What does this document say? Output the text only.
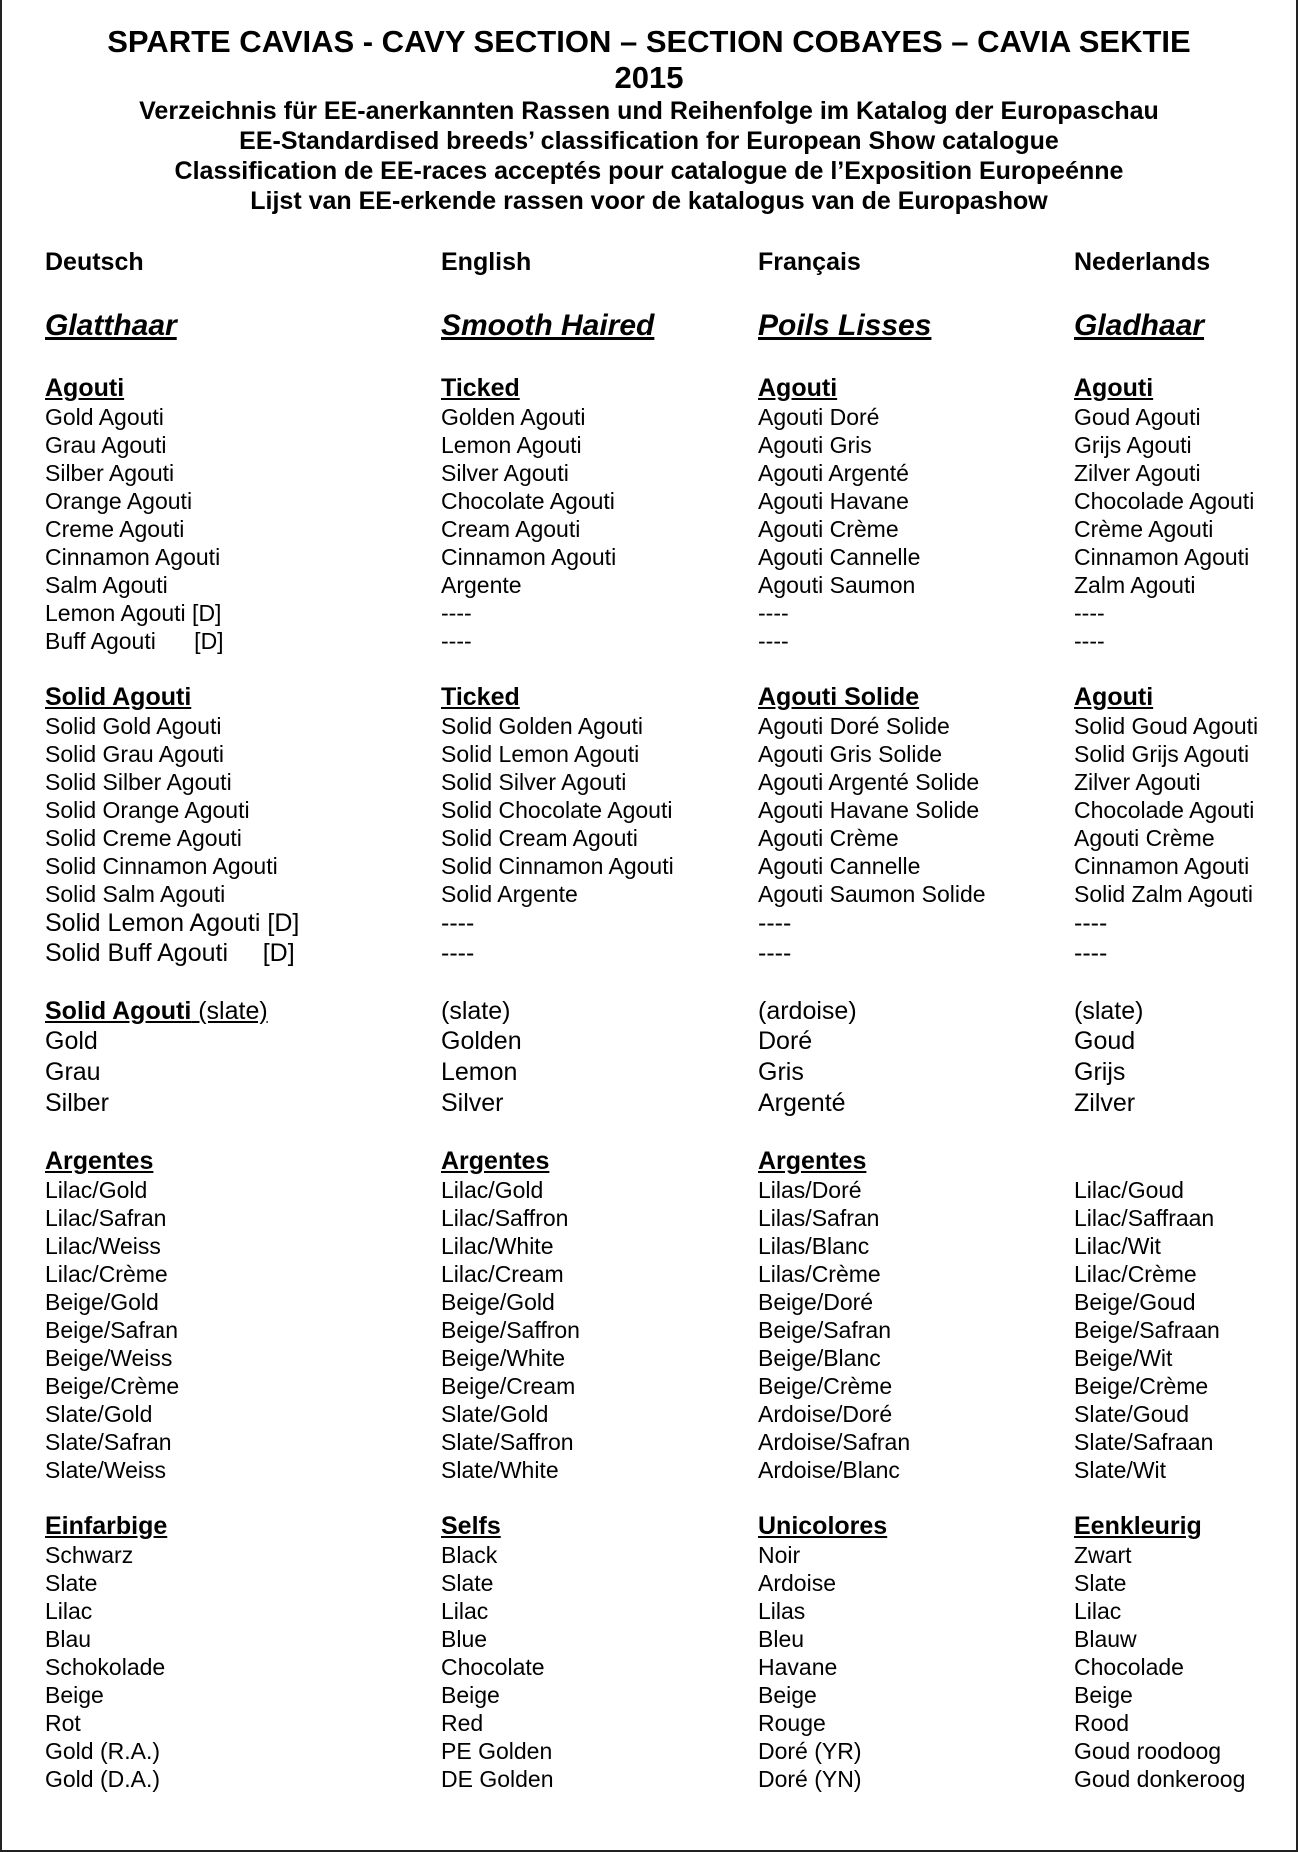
SPARTE CAVIAS - CAVY SECTION – SECTION COBAYES – CAVIA SEKTIE
2015
Verzeichnis für EE-anerkannten Rassen und Reihenfolge im Katalog der Europaschau
EE-Standardised breeds’ classification for European Show catalogue
Classification de EE-races acceptés pour catalogue de l’Exposition Europeénne
Lijst van EE-erkende rassen voor de katalogus van de Europashow
Deutsch
Glatthaar
Agouti
Gold Agouti
Grau Agouti
Silber Agouti
Orange Agouti
Creme Agouti
Cinnamon Agouti
Salm Agouti
Lemon Agouti [D]
Buff Agouti      [D]
Solid Agouti
Solid Gold Agouti
Solid Grau Agouti
Solid Silber Agouti
Solid Orange Agouti
Solid Creme Agouti
Solid Cinnamon Agouti
Solid Salm Agouti
Solid Lemon Agouti [D]
Solid Buff Agouti     [D]
Solid Agouti (slate)
Gold
Grau
Silber
Argentes
Lilac/Gold
Lilac/Safran
Lilac/Weiss
Lilac/Crème
Beige/Gold
Beige/Safran
Beige/Weiss
Beige/Crème
Slate/Gold
Slate/Safran
Slate/Weiss
Einfarbige
Schwarz
Slate
Lilac
Blau
Schokolade
Beige
Rot
Gold (R.A.)
Gold (D.A.)
English
Smooth Haired
Ticked
Golden Agouti
Lemon Agouti
Silver Agouti
Chocolate Agouti
Cream Agouti
Cinnamon Agouti
Argente
----
----
Ticked
Solid Golden Agouti
Solid Lemon Agouti
Solid Silver Agouti
Solid Chocolate Agouti
Solid Cream Agouti
Solid Cinnamon Agouti
Solid Argente
----
----
(slate)
Golden
Lemon
Silver
Argentes
Lilac/Gold
Lilac/Saffron
Lilac/White
Lilac/Cream
Beige/Gold
Beige/Saffron
Beige/White
Beige/Cream
Slate/Gold
Slate/Saffron
Slate/White
Selfs
Black
Slate
Lilac
Blue
Chocolate
Beige
Red
PE Golden
DE Golden
Français
Poils Lisses
Agouti
Agouti Doré
Agouti Gris
Agouti Argenté
Agouti Havane
Agouti Crème
Agouti Cannelle
Agouti Saumon
----
----
Agouti Solide
Agouti Doré Solide
Agouti Gris Solide
Agouti Argenté Solide
Agouti Havane Solide
Agouti Crème
Agouti Cannelle
Agouti Saumon Solide
----
----
(ardoise)
Doré
Gris
Argenté
Argentes
Lilas/Doré
Lilas/Safran
Lilas/Blanc
Lilas/Crème
Beige/Doré
Beige/Safran
Beige/Blanc
Beige/Crème
Ardoise/Doré
Ardoise/Safran
Ardoise/Blanc
Unicolores
Noir
Ardoise
Lilas
Bleu
Havane
Beige
Rouge
Doré (YR)
Doré (YN)
Nederlands
Gladhaar
Agouti
Goud Agouti
Grijs Agouti
Zilver Agouti
Chocolade Agouti
Crème Agouti
Cinnamon Agouti
Zalm Agouti
----
----
Agouti
Solid Goud Agouti
Solid Grijs Agouti
Zilver Agouti
Chocolade Agouti
Agouti Crème
Cinnamon Agouti
Solid Zalm Agouti
----
----
(slate)
Goud
Grijs
Zilver
Lilac/Goud
Lilac/Saffraan
Lilac/Wit
Lilac/Crème
Beige/Goud
Beige/Safraan
Beige/Wit
Beige/Crème
Slate/Goud
Slate/Safraan
Slate/Wit
Eenkleurig
Zwart
Slate
Lilac
Blauw
Chocolade
Beige
Rood
Goud roodoog
Goud donkeroog
